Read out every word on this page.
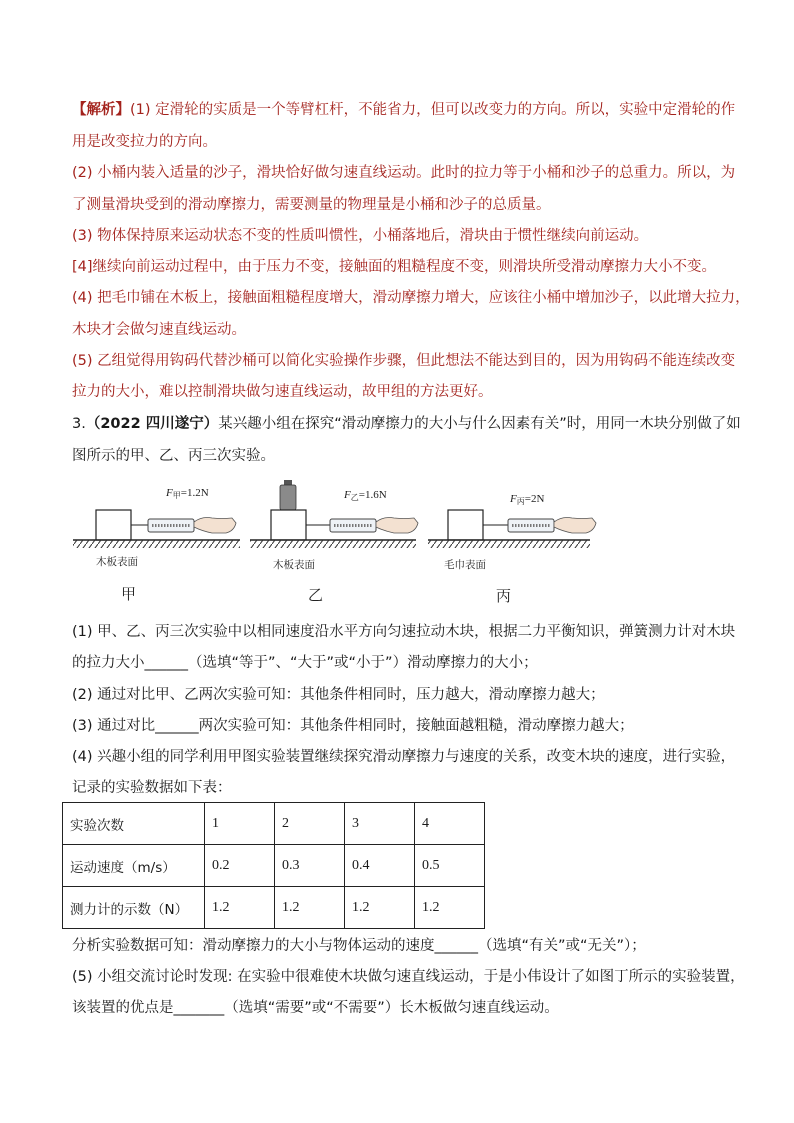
【解析】(1) 定滑轮的实质是一个等臂杠杆，不能省力，但可以改变力的方向。所以，实验中定滑轮的作
用是改变拉力的方向。
(2) 小桶内装入适量的沙子，滑块恰好做匀速直线运动。此时的拉力等于小桶和沙子的总重力。所以，为
了测量滑块受到的滑动摩擦力，需要测量的物理量是小桶和沙子的总质量。
(3) 物体保持原来运动状态不变的性质叫惯性，小桶落地后，滑块由于惯性继续向前运动。
[4]继续向前运动过程中，由于压力不变，接触面的粗糙程度不变，则滑块所受滑动摩擦力大小不变。
(4) 把毛巾铺在木板上，接触面粗糙程度增大，滑动摩擦力增大，应该往小桶中增加沙子，以此增大拉力，
木块才会做匀速直线运动。
(5) 乙组觉得用钩码代替沙桶可以简化实验操作步骤，但此想法不能达到目的，因为用钩码不能连续改变
拉力的大小，难以控制滑块做匀速直线运动，故甲组的方法更好。
3.（2022 四川遂宁）某兴趣小组在探究“滑动摩擦力的大小与什么因素有关”时，用同一木块分别做了如
图所示的甲、乙、丙三次实验。
F甲=1.2N
木板表面
甲
F乙=1.6N
木板表面
乙
F丙=2N
毛巾表面
丙
(1) 甲、乙、丙三次实验中以相同速度沿水平方向匀速拉动木块，根据二力平衡知识，弹簧测力计对木块
的拉力大小______（选填“等于”、“大于”或“小于”）滑动摩擦力的大小；
(2) 通过对比甲、乙两次实验可知：其他条件相同时，压力越大，滑动摩擦力越大；
(3) 通过对比______两次实验可知：其他条件相同时，接触面越粗糙，滑动摩擦力越大；
(4) 兴趣小组的同学利用甲图实验装置继续探究滑动摩擦力与速度的关系，改变木块的速度，进行实验，
记录的实验数据如下表：
实验次数	1	2	3	4
运动速度（m/s）	0.2	0.3	0.4	0.5
测力计的示数（N）	1.2	1.2	1.2	1.2
分析实验数据可知：滑动摩擦力的大小与物体运动的速度______（选填“有关”或“无关”）；
(5) 小组交流讨论时发现: 在实验中很难使木块做匀速直线运动，于是小伟设计了如图丁所示的实验装置，
该装置的优点是_______（选填“需要”或“不需要”）长木板做匀速直线运动。
